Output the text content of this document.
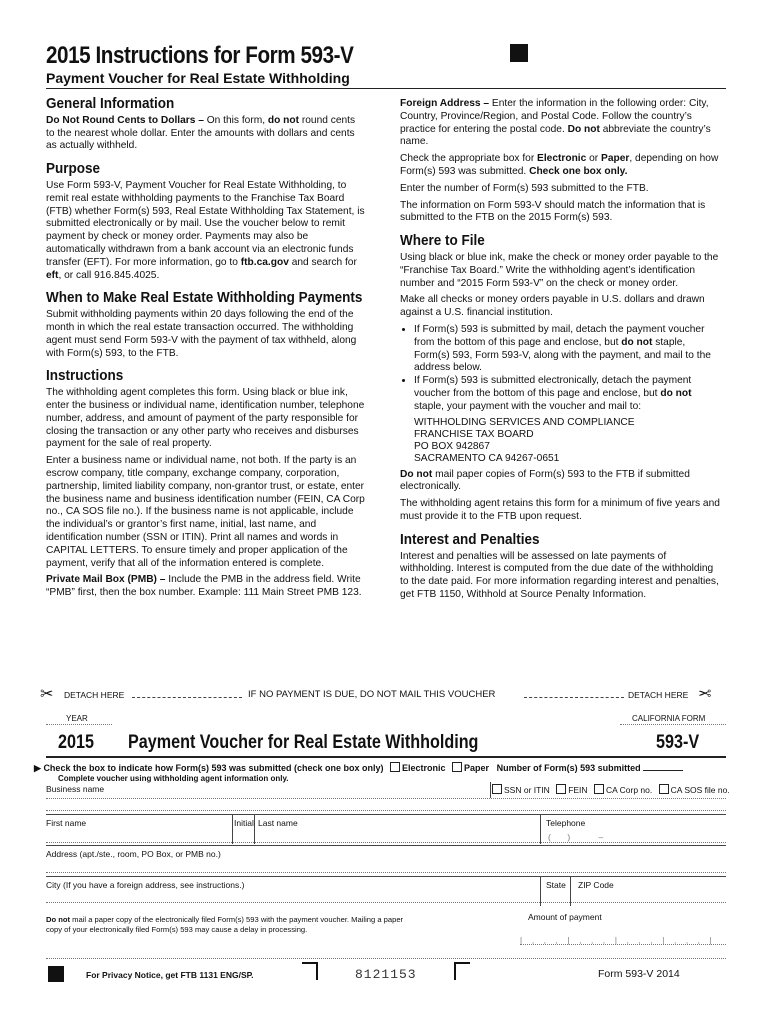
2015 Instructions for Form 593-V
Payment Voucher for Real Estate Withholding
General Information

Do Not Round Cents to Dollars – On this form, do not round cents to the nearest whole dollar. Enter the amounts with dollars and cents as actually withheld.

Purpose

Use Form 593-V, Payment Voucher for Real Estate Withholding, to remit real estate withholding payments to the Franchise Tax Board (FTB) whether Form(s) 593, Real Estate Withholding Tax Statement, is submitted electronically or by mail. Use the voucher below to remit payment by check or money order. Payments may also be automatically withdrawn from a bank account via an electronic funds transfer (EFT). For more information, go to ftb.ca.gov and search for eft, or call 916.845.4025.

When to Make Real Estate Withholding Payments

Submit withholding payments within 20 days following the end of the month in which the real estate transaction occurred. The withholding agent must send Form 593-V with the payment of tax withheld, along with Form(s) 593, to the FTB.

Instructions

The withholding agent completes this form. Using black or blue ink, enter the business or individual name, identification number, telephone number, address, and amount of payment of the party responsible for closing the transaction or any other party who receives and disburses payment for the sale of real property.

Enter a business name or individual name, not both. If the party is an escrow company, title company, exchange company, corporation, partnership, limited liability company, non-grantor trust, or estate, enter the business name and business identification number (FEIN, CA Corp no., CA SOS file no.). If the business name is not applicable, include the individual’s or grantor’s first name, initial, last name, and identification number (SSN or ITIN). Print all names and words in CAPITAL LETTERS. To ensure timely and proper application of the payment, verify that all of the information entered is complete.

Private Mail Box (PMB) – Include the PMB in the address field. Write “PMB” first, then the box number. Example: 111 Main Street PMB 123.

Foreign Address – Enter the information in the following order: City, Country, Province/Region, and Postal Code. Follow the country’s practice for entering the postal code. Do not abbreviate the country’s name.

Check the appropriate box for Electronic or Paper, depending on how Form(s) 593 was submitted. Check one box only.

Enter the number of Form(s) 593 submitted to the FTB.

The information on Form 593-V should match the information that is submitted to the FTB on the 2015 Form(s) 593.

Where to File

Using black or blue ink, make the check or money order payable to the “Franchise Tax Board.” Write the withholding agent’s identification number and “2015 Form 593-V” on the check or money order.

Make all checks or money orders payable in U.S. dollars and drawn against a U.S. financial institution.

• If Form(s) 593 is submitted by mail, detach the payment voucher from the bottom of this page and enclose, but do not staple, Form(s) 593, Form 593-V, along with the payment, and mail to the address below.
• If Form(s) 593 is submitted electronically, detach the payment voucher from the bottom of this page and enclose, but do not staple, your payment with the voucher and mail to:
WITHHOLDING SERVICES AND COMPLIANCE
FRANCHISE TAX BOARD
PO BOX 942867
SACRAMENTO CA 94267-0651

Do not mail paper copies of Form(s) 593 to the FTB if submitted electronically.

The withholding agent retains this form for a minimum of five years and must provide it to the FTB upon request.

Interest and Penalties

Interest and penalties will be assessed on late payments of withholding. Interest is computed from the due date of the withholding to the date paid. For more information regarding interest and penalties, get FTB 1150, Withhold at Source Penalty Information.

✂ DETACH HERE	IF NO PAYMENT IS DUE, DO NOT MAIL THIS VOUCHER	DETACH HERE ✂
YEAR	CALIFORNIA FORM
2015 Payment Voucher for Real Estate Withholding	593-V
▶ Check the box to indicate how Form(s) 593 was submitted (check one box only) Electronic Paper Number of Form(s) 593 submitted
Complete voucher using withholding agent information only.
Business name	SSN or ITIN FEIN CA Corp no. CA SOS file no.
First name	Initial Last name	Telephone
(       )            –
Address (apt./ste., room, PO Box, or PMB no.)
City (If you have a foreign address, see instructions.)	State ZIP Code
Amount of payment
Do not mail a paper copy of the electronically filed Form(s) 593 with the payment voucher. Mailing a paper copy of your electronically filed Form(s) 593 may cause a delay in processing.
|‚‚‚|‚‚‚|‚‚‚|‚‚‚|
For Privacy Notice, get FTB 1131 ENG/SP.	8121153	Form 593-V 2014
